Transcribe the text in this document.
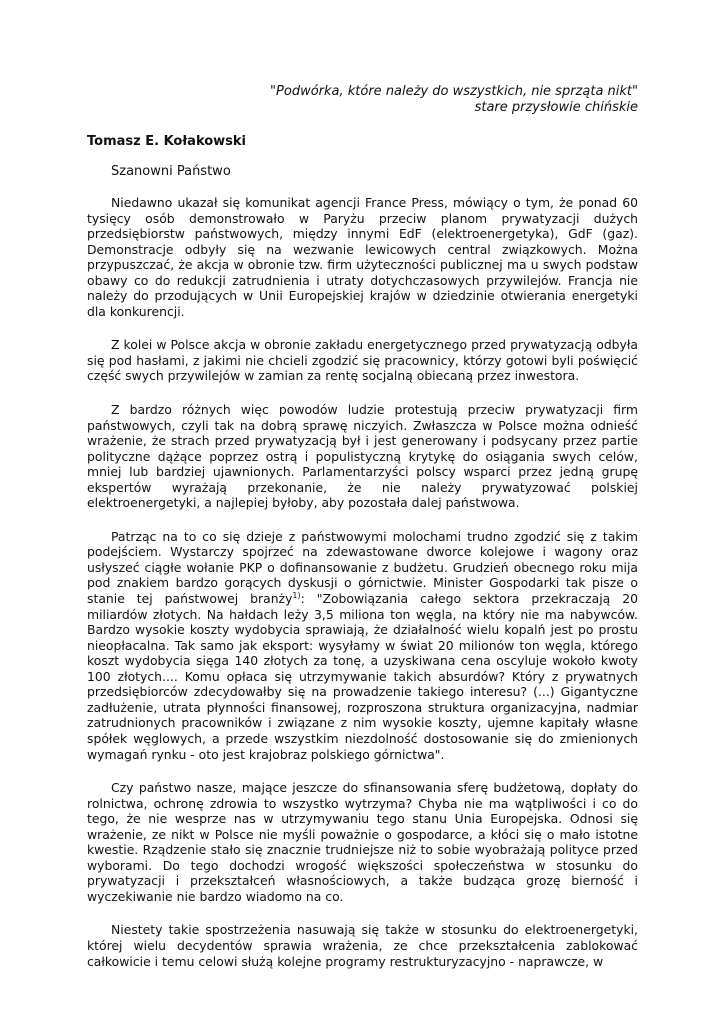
"Podwórka, które należy do wszystkich, nie sprząta nikt"
stare przysłowie chińskie
Tomasz E. Kołakowski
Szanowni Państwo

Niedawno ukazał się komunikat agencji France Press, mówiący o tym, że ponad 60 tysięcy osób demonstrowało w Paryżu przeciw planom prywatyzacji dużych przedsiębiorstw państwowych, między innymi EdF (elektroenergetyka), GdF (gaz). Demonstracje odbyły się na wezwanie lewicowych central związkowych. Można przypuszczać, że akcja w obronie tzw. firm użyteczności publicznej ma u swych podstaw obawy co do redukcji zatrudnienia i utraty dotychczasowych przywilejów. Francja nie należy do przodujących w Unii Europejskiej krajów w dziedzinie otwierania energetyki dla konkurencji.

Z kolei w Polsce akcja w obronie zakładu energetycznego przed prywatyzacją odbyła się pod hasłami, z jakimi nie chcieli zgodzić się pracownicy, którzy gotowi byli poświęcić część swych przywilejów w zamian za rentę socjalną obiecaną przez inwestora.

Z bardzo różnych więc powodów ludzie protestują przeciw prywatyzacji firm państwowych, czyli tak na dobrą sprawę niczyich. Zwłaszcza w Polsce można odnieść wrażenie, że strach przed prywatyzacją był i jest generowany i podsycany przez partie polityczne dążące poprzez ostrą i populistyczną krytykę do osiągania swych celów, mniej lub bardziej ujawnionych. Parlamentarzyści polscy wsparci przez jedną grupę ekspertów wyrażają przekonanie, że nie należy prywatyzować polskiej elektroenergetyki, a najlepiej byłoby, aby pozostała dalej państwowa.

Patrząc na to co się dzieje z państwowymi molochami trudno zgodzić się z takim podejściem. Wystarczy spojrzeć na zdewastowane dworce kolejowe i wagony oraz usłyszeć ciągłe wołanie PKP o dofinansowanie z budżetu. Grudzień obecnego roku mija pod znakiem bardzo gorących dyskusji o górnictwie. Minister Gospodarki tak pisze o stanie tej państwowej branży$^{1)}$: "Zobowiązania całego sektora przekraczają 20 miliardów złotych. Na hałdach leży 3,5 miliona ton węgla, na który nie ma nabywców. Bardzo wysokie koszty wydobycia sprawiają, że działalność wielu kopalń jest po prostu nieopłacalna. Tak samo jak eksport: wysyłamy w świat 20 milionów ton węgla, którego koszt wydobycia sięga 140 złotych za tonę, a uzyskiwana cena oscyluje wokoło kwoty 100 złotych.... Komu opłaca się utrzymywanie takich absurdów? Który z prywatnych przedsiębiorców zdecydowałby się na prowadzenie takiego interesu? (...) Gigantyczne zadłużenie, utrata płynności finansowej, rozproszona struktura organizacyjna, nadmiar zatrudnionych pracowników i związane z nim wysokie koszty, ujemne kapitały własne spółek węglowych, a przede wszystkim niezdolność dostosowanie się do zmienionych wymagań rynku - oto jest krajobraz polskiego górnictwa".

Czy państwo nasze, mające jeszcze do sfinansowania sferę budżetową, dopłaty do rolnictwa, ochronę zdrowia to wszystko wytrzyma? Chyba nie ma wątpliwości i co do tego, że nie wesprze nas w utrzymywaniu tego stanu Unia Europejska. Odnosi się wrażenie, ze nikt w Polsce nie myśli poważnie o gospodarce, a kłóci się o mało istotne kwestie. Rządzenie stało się znacznie trudniejsze niż to sobie wyobrażają polityce przed wyborami. Do tego dochodzi wrogość większości społeczeństwa w stosunku do prywatyzacji i przekształceń własnościowych, a także budząca grozę bierność i wyczekiwanie nie bardzo wiadomo na co.

Niestety takie spostrzeżenia nasuwają się także w stosunku do elektroenergetyki, której wielu decydentów sprawia wrażenia, ze chce przekształcenia zablokować całkowicie i temu celowi służą kolejne programy restrukturyzacyjno - naprawcze, w
